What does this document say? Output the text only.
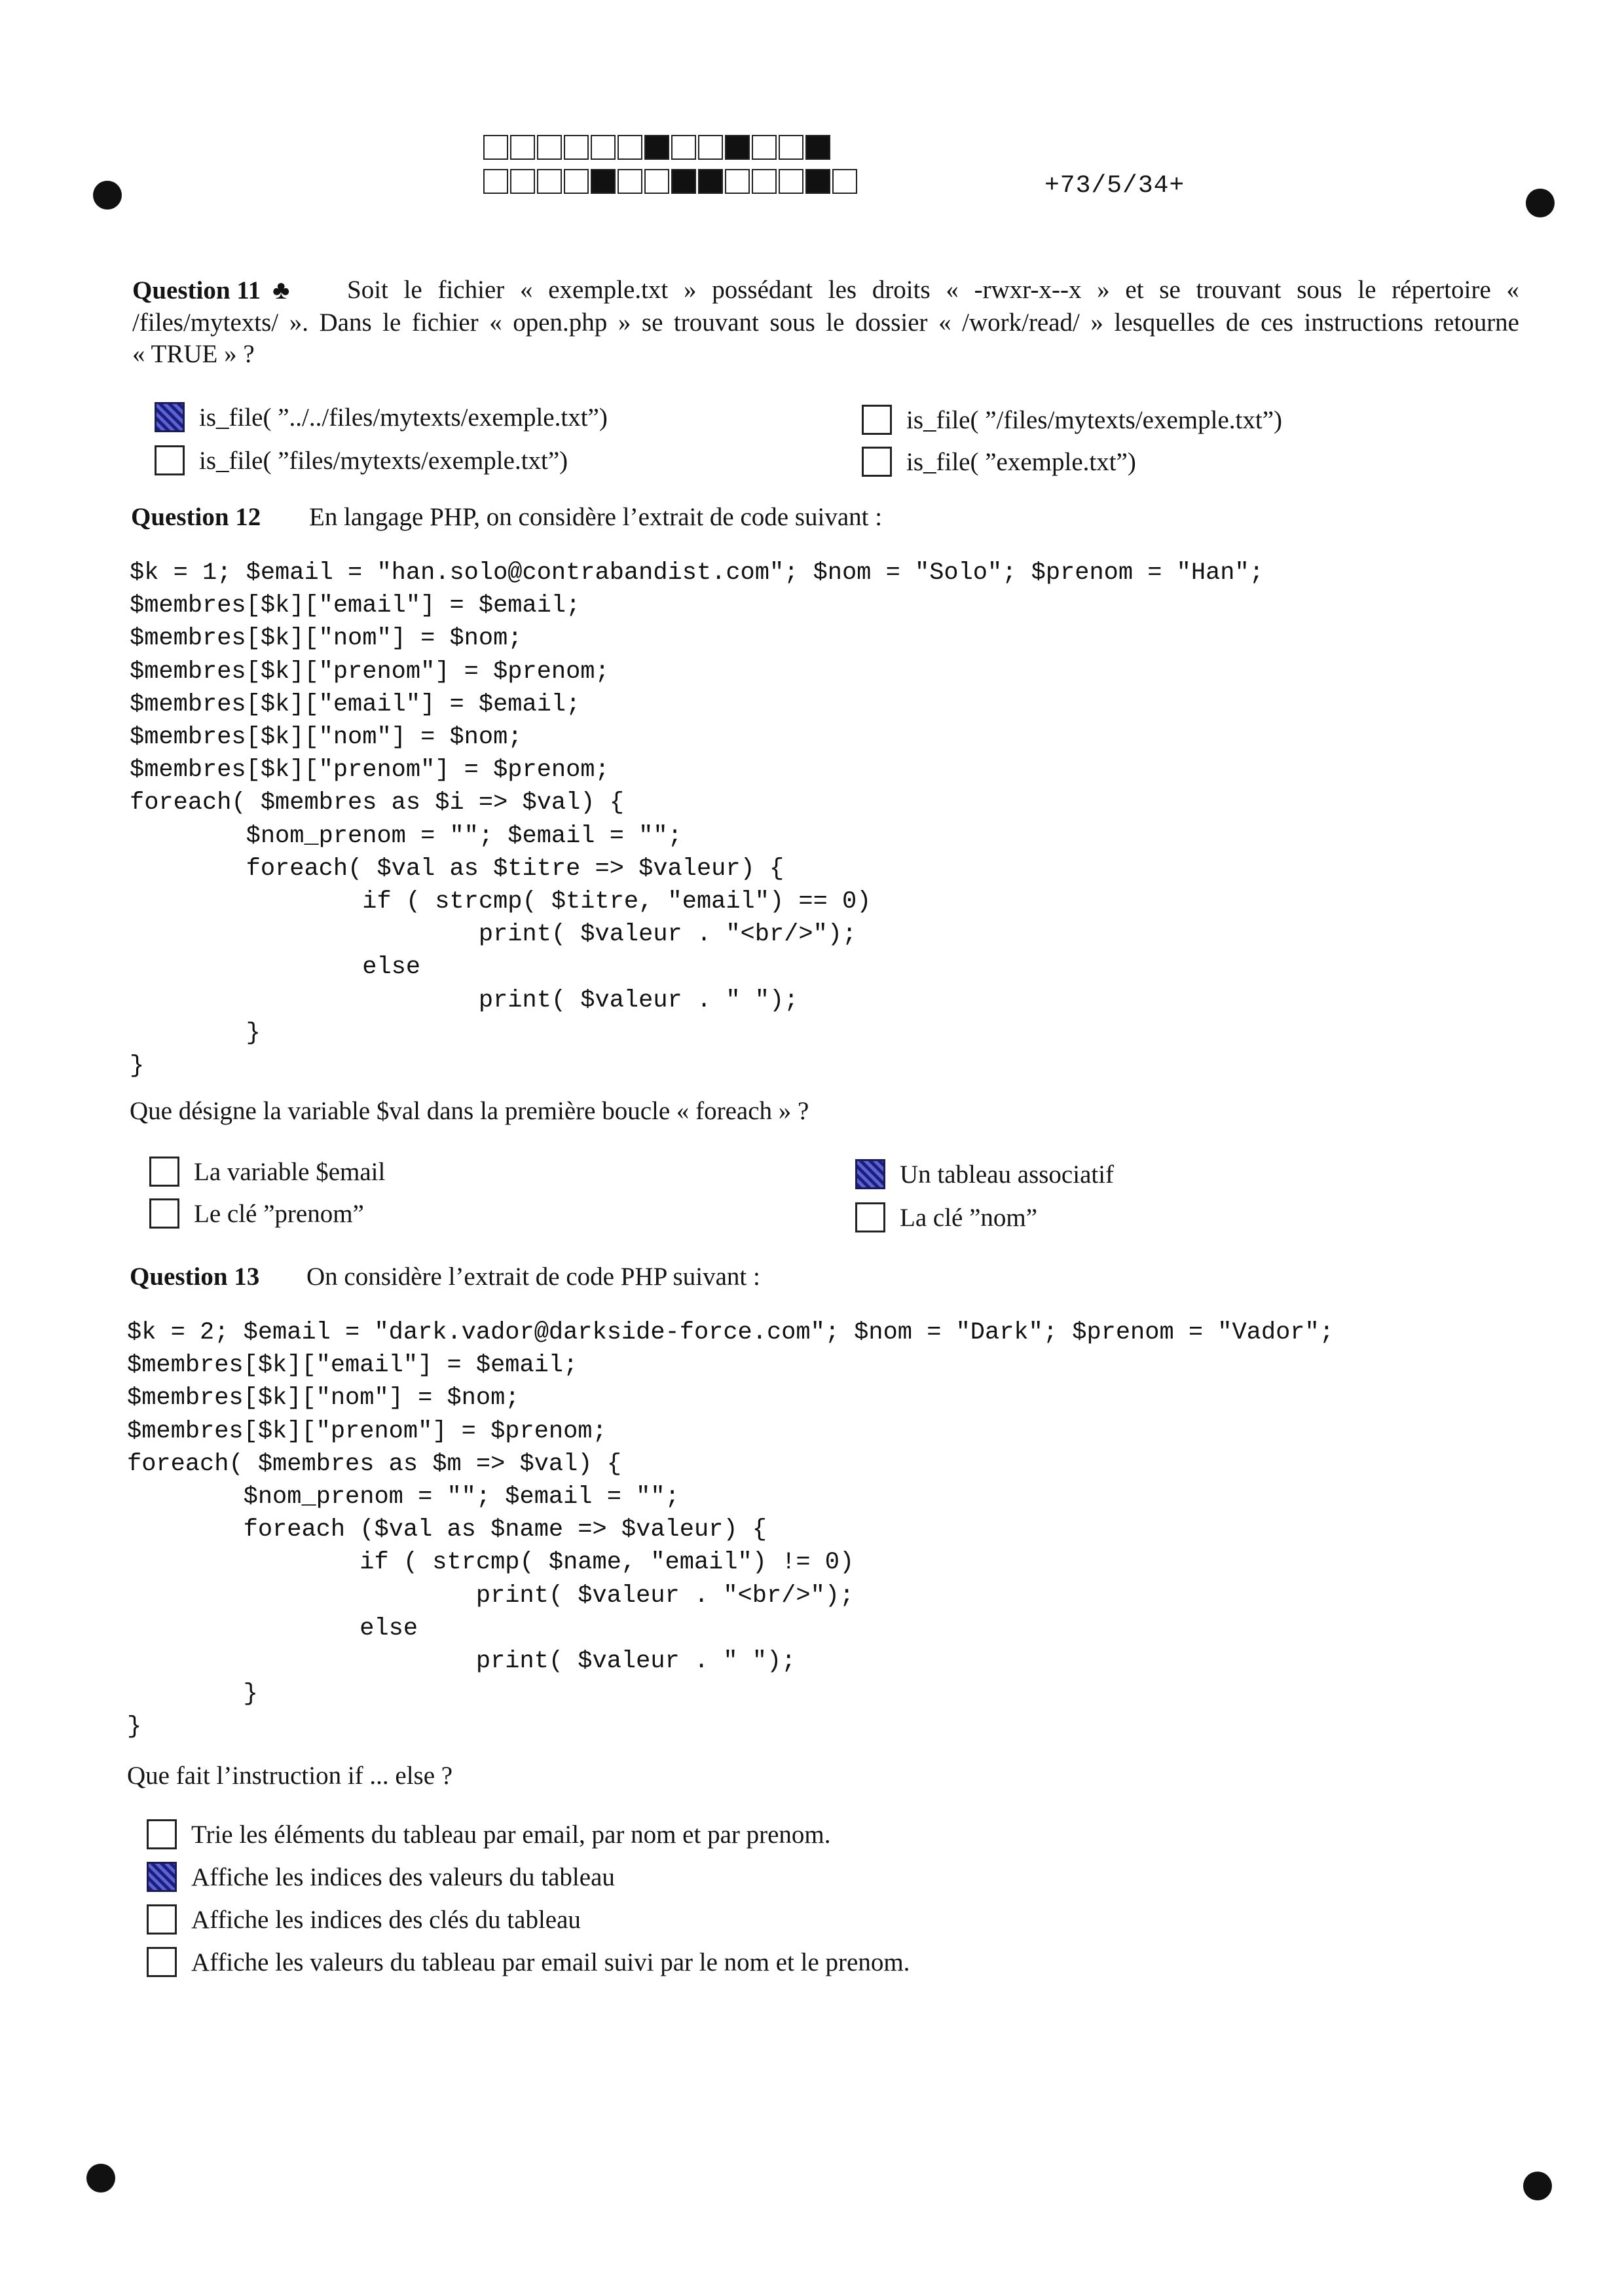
+73/5/34+
Question 11 ♣	Soit le fichier « exemple.txt » possédant les droits « -rwxr-x--x » et se trouvant sous le répertoire «
/files/mytexts/ ». Dans le fichier « open.php » se trouvant sous le dossier « /work/read/ » lesquelles de ces instructions retourne
« TRUE » ?
is_file( ”../../files/mytexts/exemple.txt”)
is_file( ”files/mytexts/exemple.txt”)
is_file( ”/files/mytexts/exemple.txt”)
is_file( ”exemple.txt”)
Question 12	En langage PHP, on considère l’extrait de code suivant :
$k = 1; $email = "han.solo@contrabandist.com"; $nom = "Solo"; $prenom = "Han";
$membres[$k]["email"] = $email;
$membres[$k]["nom"] = $nom;
$membres[$k]["prenom"] = $prenom;
$membres[$k]["email"] = $email;
$membres[$k]["nom"] = $nom;
$membres[$k]["prenom"] = $prenom;
foreach( $membres as $i => $val) {
$nom_prenom = ""; $email = "";
foreach( $val as $titre => $valeur) {
if ( strcmp( $titre, "email") == 0)
print( $valeur . "<br/>");
else
print( $valeur . " ");
}
}
Que désigne la variable $val dans la première boucle « foreach » ?
La variable $email
Le clé ”prenom”
Un tableau associatif
La clé ”nom”
Question 13	On considère l’extrait de code PHP suivant :
$k = 2; $email = "dark.vador@darkside-force.com"; $nom = "Dark"; $prenom = "Vador";
$membres[$k]["email"] = $email;
$membres[$k]["nom"] = $nom;
$membres[$k]["prenom"] = $prenom;
foreach( $membres as $m => $val) {
$nom_prenom = ""; $email = "";
foreach ($val as $name => $valeur) {
if ( strcmp( $name, "email") != 0)
print( $valeur . "<br/>");
else
print( $valeur . " ");
}
}
Que fait l’instruction if ... else ?
Trie les éléments du tableau par email, par nom et par prenom.
Affiche les indices des valeurs du tableau
Affiche les indices des clés du tableau
Affiche les valeurs du tableau par email suivi par le nom et le prenom.
